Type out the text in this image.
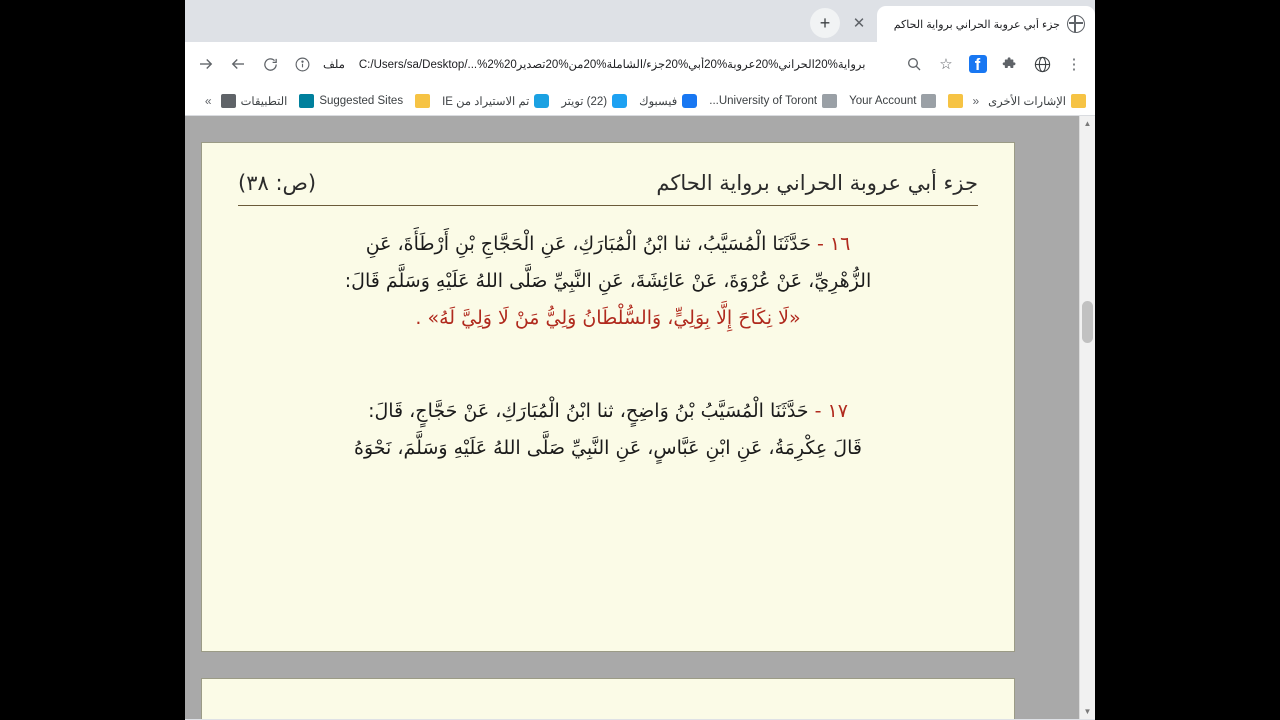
جزء أبي عروبة الحراني برواية الحاكم
✕
+
⋮
☆
C:/Users/sa/Desktop/...%2%20برواية%20الحراني%20عروبة%20أبي%20جزء/الشاملة%20من%20تصدير
ملف
الإشارات الأخرى
«
Your Account
University of Toront...
فيسبوك
(22) تويتر
تم الاستيراد من IE
Suggested Sites
التطبيقات
»
جزء أبي عروبة الحراني برواية الحاكم
(ص: ٣٨)
١٦ - حَدَّثَنَا الْمُسَيَّبُ، ثنا ابْنُ الْمُبَارَكِ، عَنِ الْحَجَّاجِ بْنِ أَرْطَأَةَ، عَنِ
الزُّهْرِيِّ، عَنْ عُرْوَةَ، عَنْ عَائِشَةَ، عَنِ النَّبِيِّ صَلَّى اللهُ عَلَيْهِ وَسَلَّمَ قَالَ:
«لَا نِكَاحَ إِلَّا بِوَلِيٍّ، وَالسُّلْطَانُ وَلِيُّ مَنْ لَا وَلِيَّ لَهُ» .
١٧ - حَدَّثَنَا الْمُسَيَّبُ بْنُ وَاضِحٍ، ثنا ابْنُ الْمُبَارَكِ، عَنْ حَجَّاجٍ، قَالَ:
قَالَ عِكْرِمَةُ، عَنِ ابْنِ عَبَّاسٍ، عَنِ النَّبِيِّ صَلَّى اللهُ عَلَيْهِ وَسَلَّمَ، نَحْوَهُ
▲
▼
